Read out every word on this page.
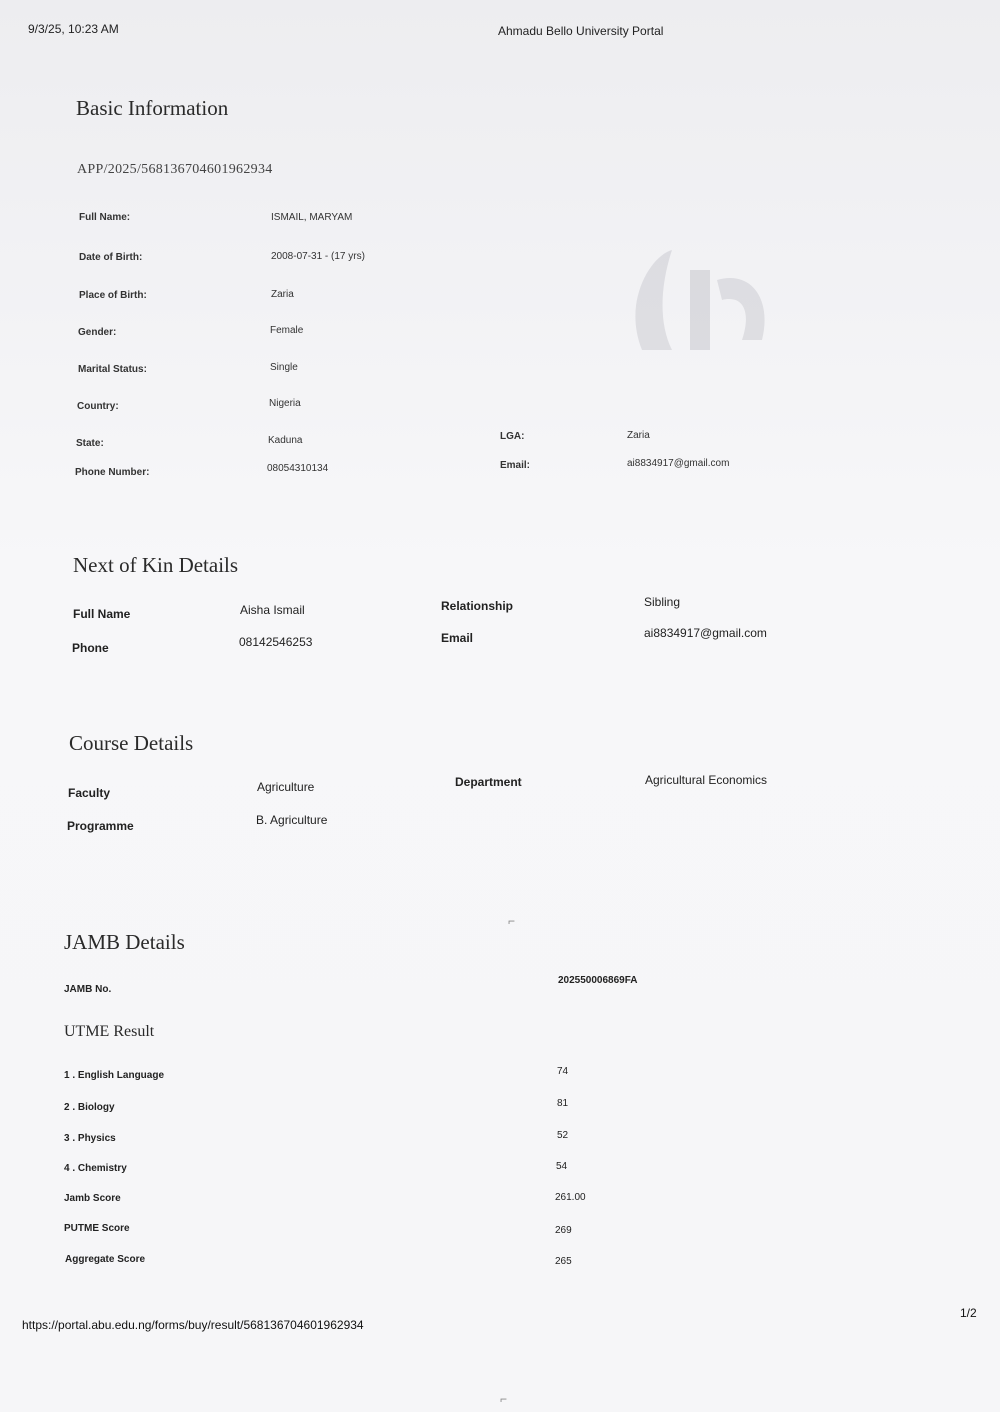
9/3/25, 10:23 AM	Ahmadu Bello University Portal
Basic Information
APP/2025/568136704601962934
Full Name:	ISMAIL, MARYAM
Date of Birth:	2008-07-31 - (17 yrs)
Place of Birth:	Zaria
Gender:	Female
Marital Status:	Single
Country:	Nigeria
State:	Kaduna	LGA:	Zaria
Phone Number:	08054310134	Email:	ai8834917@gmail.com
Next of Kin Details
Full Name	Aisha Ismail	Relationship	Sibling
Phone	08142546253	Email	ai8834917@gmail.com
Course Details
Faculty	Agriculture	Department	Agricultural Economics
Programme	B. Agriculture
JAMB Details
JAMB No.
202550006869FA
UTME Result
1 . English Language	74
2 . Biology	81
3 . Physics	52
4 . Chemistry	54
Jamb Score	261.00
PUTME Score	269
Aggregate Score	265
⌐
⌐
https://portal.abu.edu.ng/forms/buy/result/568136704601962934
1/2
